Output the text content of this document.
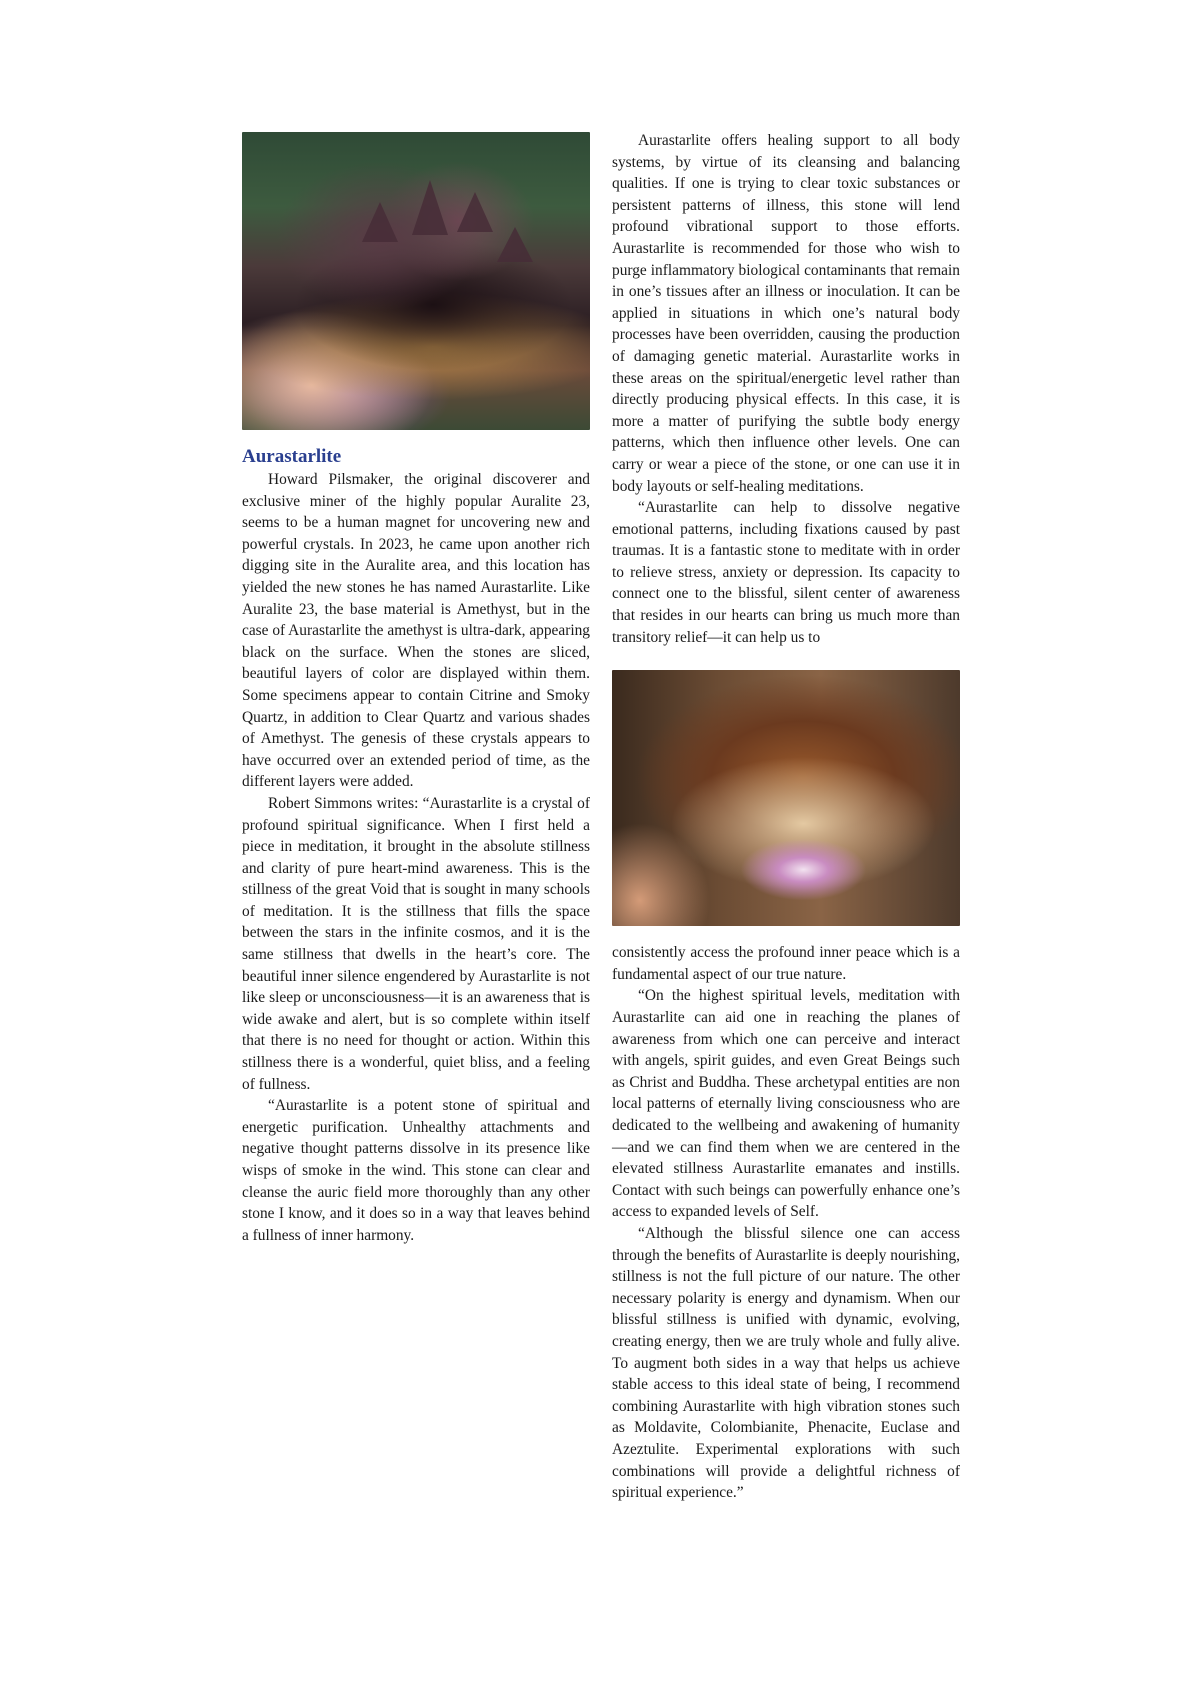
Aurastarlite

Howard Pilsmaker, the original discoverer and exclusive miner of the highly popular Auralite 23, seems to be a human magnet for uncovering new and powerful crystals. In 2023, he came upon another rich digging site in the Auralite area, and this location has yielded the new stones he has named Aurastarlite. Like Auralite 23, the base material is Amethyst, but in the case of Aurastarlite the amethyst is ultra-dark, appearing black on the surface. When the stones are sliced, beautiful layers of color are displayed within them. Some specimens appear to contain Citrine and Smoky Quartz, in addition to Clear Quartz and various shades of Amethyst. The genesis of these crystals appears to have occurred over an extended period of time, as the different layers were added.

Robert Simmons writes: “Aurastarlite is a crystal of profound spiritual significance. When I first held a piece in meditation, it brought in the absolute stillness and clarity of pure heart-mind awareness. This is the stillness of the great Void that is sought in many schools of meditation. It is the stillness that fills the space between the stars in the infinite cosmos, and it is the same stillness that dwells in the heart’s core. The beautiful inner silence engendered by Aurastarlite is not like sleep or unconsciousness—it is an awareness that is wide awake and alert, but is so complete within itself that there is no need for thought or action. Within this stillness there is a wonderful, quiet bliss, and a feeling of fullness.

“Aurastarlite is a potent stone of spiritual and energetic purification. Unhealthy attachments and negative thought patterns dissolve in its presence like wisps of smoke in the wind. This stone can clear and cleanse the auric field more thoroughly than any other stone I know, and it does so in a way that leaves behind a fullness of inner harmony.

Aurastarlite offers healing support to all body systems, by virtue of its cleansing and balancing qualities. If one is trying to clear toxic substances or persistent patterns of illness, this stone will lend profound vibrational support to those efforts. Aurastarlite is recommended for those who wish to purge inflammatory biological contaminants that remain in one’s tissues after an illness or inoculation. It can be applied in situations in which one’s natural body processes have been overridden, causing the production of damaging genetic material. Aurastarlite works in these areas on the spiritual/energetic level rather than directly producing physical effects. In this case, it is more a matter of purifying the subtle body energy patterns, which then influence other levels. One can carry or wear a piece of the stone, or one can use it in body layouts or self-healing meditations.

“Aurastarlite can help to dissolve negative emotional patterns, including fixations caused by past traumas. It is a fantastic stone to meditate with in order to relieve stress, anxiety or depression. Its capacity to connect one to the blissful, silent center of awareness that resides in our hearts can bring us much more than transitory relief—it can help us to

consistently access the profound inner peace which is a fundamental aspect of our true nature.

“On the highest spiritual levels, meditation with Aurastarlite can aid one in reaching the planes of awareness from which one can perceive and interact with angels, spirit guides, and even Great Beings such as Christ and Buddha. These archetypal entities are non local patterns of eternally living consciousness who are dedicated to the wellbeing and awakening of humanity—and we can find them when we are centered in the elevated stillness Aurastarlite emanates and instills. Contact with such beings can powerfully enhance one’s access to expanded levels of Self.

“Although the blissful silence one can access through the benefits of Aurastarlite is deeply nourishing, stillness is not the full picture of our nature. The other necessary polarity is energy and dynamism. When our blissful stillness is unified with dynamic, evolving, creating energy, then we are truly whole and fully alive. To augment both sides in a way that helps us achieve stable access to this ideal state of being, I recommend combining Aurastarlite with high vibration stones such as Moldavite, Colombianite, Phenacite, Euclase and Azeztulite. Experimental explorations with such combinations will provide a delightful richness of spiritual experience.”
